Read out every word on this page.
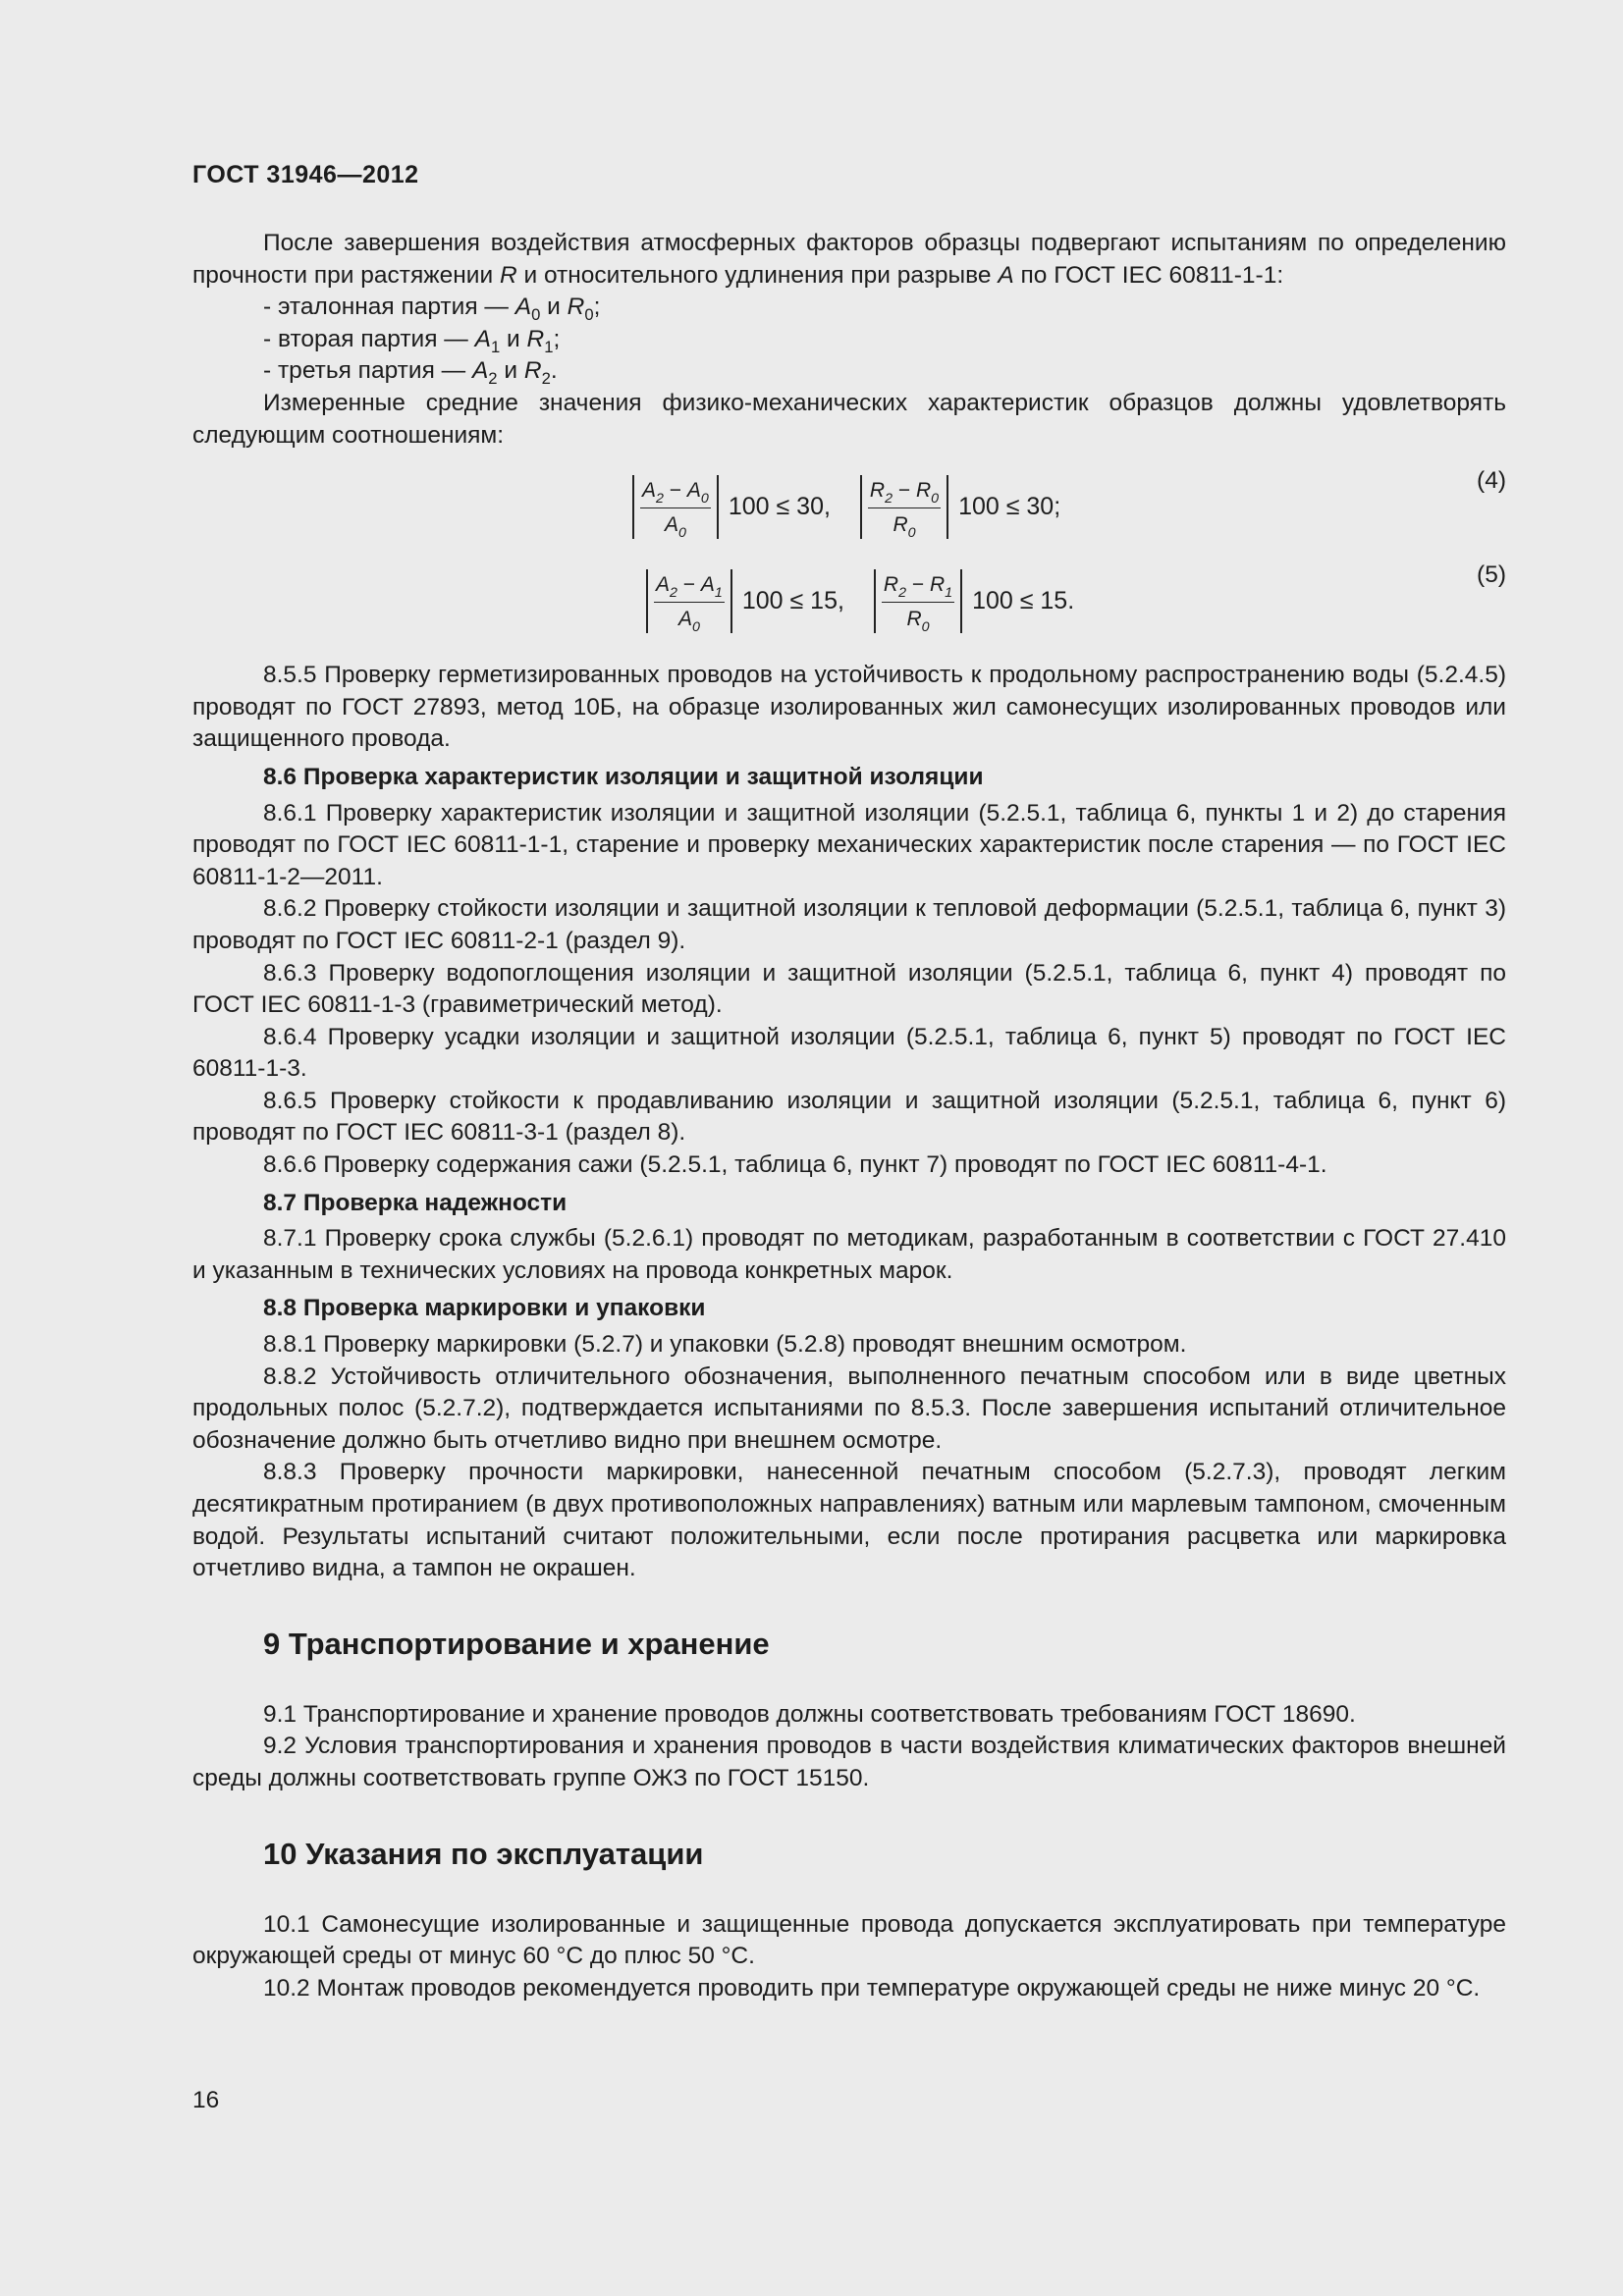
ГОСТ 31946—2012

После завершения воздействия атмосферных факторов образцы подвергают испытаниям по определению прочности при растяжении R и относительного удлинения при разрыве A по ГОСТ IEC 60811-1-1:

- эталонная партия — $A_0$ и $R_0$;

- вторая партия — $A_1$ и $R_1$;

- третья партия — $A_2$ и $R_2$.

Измеренные средние значения физико-механических характеристик образцов должны удовлетворять следующим соотношениям:

$\frac{A_2 - A_0}{A_0} 100 \le 30$, $\frac{R_2 - R_0}{R_0} 100 \le 30$;
(4)
$\frac{A_2 - A_1}{A_0} 100 \le 15$, $\frac{R_2 - R_1}{R_0} 100 \le 15$.
(5)

8.5.5 Проверку герметизированных проводов на устойчивость к продольному распространению воды (5.2.4.5) проводят по ГОСТ 27893, метод 10Б, на образце изолированных жил самонесущих изолированных проводов или защищенного провода.

8.6 Проверка характеристик изоляции и защитной изоляции

8.6.1 Проверку характеристик изоляции и защитной изоляции (5.2.5.1, таблица 6, пункты 1 и 2) до старения проводят по ГОСТ IEC 60811-1-1, старение и проверку механических характеристик после старения — по ГОСТ IEC 60811-1-2—2011.

8.6.2 Проверку стойкости изоляции и защитной изоляции к тепловой деформации (5.2.5.1, таблица 6, пункт 3) проводят по ГОСТ IEC 60811-2-1 (раздел 9).

8.6.3 Проверку водопоглощения изоляции и защитной изоляции (5.2.5.1, таблица 6, пункт 4) проводят по ГОСТ IEC 60811-1-3 (гравиметрический метод).

8.6.4 Проверку усадки изоляции и защитной изоляции (5.2.5.1, таблица 6, пункт 5) проводят по ГОСТ IEC 60811-1-3.

8.6.5 Проверку стойкости к продавливанию изоляции и защитной изоляции (5.2.5.1, таблица 6, пункт 6) проводят по ГОСТ IEC 60811-3-1 (раздел 8).

8.6.6 Проверку содержания сажи (5.2.5.1, таблица 6, пункт 7) проводят по ГОСТ IEC 60811-4-1.

8.7 Проверка надежности

8.7.1 Проверку срока службы (5.2.6.1) проводят по методикам, разработанным в соответствии с ГОСТ 27.410 и указанным в технических условиях на провода конкретных марок.

8.8 Проверка маркировки и упаковки

8.8.1 Проверку маркировки (5.2.7) и упаковки (5.2.8) проводят внешним осмотром.

8.8.2 Устойчивость отличительного обозначения, выполненного печатным способом или в виде цветных продольных полос (5.2.7.2), подтверждается испытаниями по 8.5.3. После завершения испытаний отличительное обозначение должно быть отчетливо видно при внешнем осмотре.

8.8.3 Проверку прочности маркировки, нанесенной печатным способом (5.2.7.3), проводят легким десятикратным протиранием (в двух противоположных направлениях) ватным или марлевым тампоном, смоченным водой. Результаты испытаний считают положительными, если после протирания расцветка или маркировка отчетливо видна, а тампон не окрашен.

9 Транспортирование и хранение

9.1 Транспортирование и хранение проводов должны соответствовать требованиям ГОСТ 18690.

9.2 Условия транспортирования и хранения проводов в части воздействия климатических факторов внешней среды должны соответствовать группе ОЖЗ по ГОСТ 15150.

10 Указания по эксплуатации

10.1 Самонесущие изолированные и защищенные провода допускается эксплуатировать при температуре окружающей среды от минус 60 °С до плюс 50 °С.

10.2 Монтаж проводов рекомендуется проводить при температуре окружающей среды не ниже минус 20 °С.

16
